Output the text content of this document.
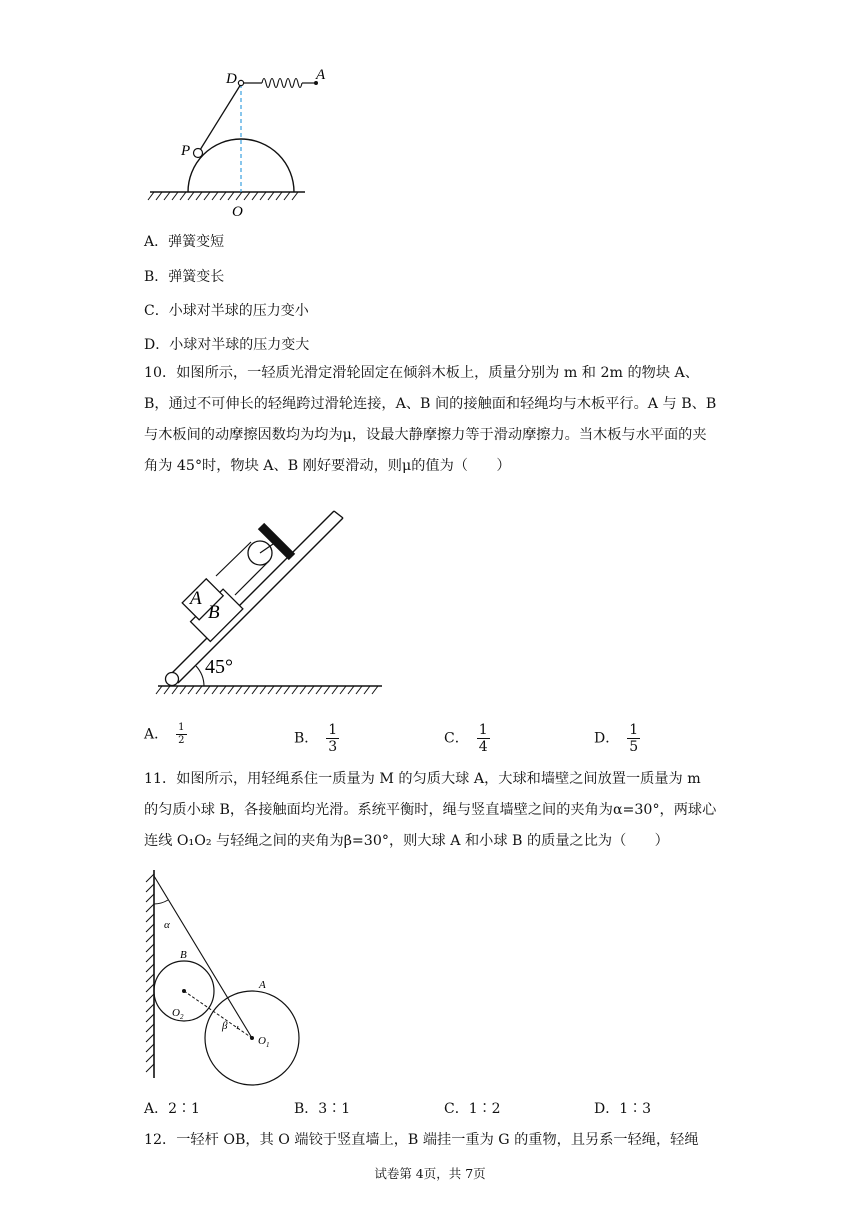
D	A
P
O
A．弹簧变短
B．弹簧变长
C．小球对半球的压力变小
D．小球对半球的压力变大
10．如图所示，一轻质光滑定滑轮固定在倾斜木板上，质量分别为 m 和 2m 的物块 A、B，通过不可伸长的轻绳跨过滑轮连接，A、B 间的接触面和轻绳均与木板平行。A 与 B、B 与木板间的动摩擦因数均为均为μ，设最大静摩擦力等于滑动摩擦力。当木板与水平面的夹角为 45°时，物块 A、B 刚好要滑动，则μ的值为（　　）
45°
A
B
A． $\frac{1}{2}$	B． $\frac{1}{3}$	C． $\frac{1}{4}$	D． $\frac{1}{5}$
11．如图所示，用轻绳系住一质量为 M 的匀质大球 A，大球和墙壁之间放置一质量为 m 的匀质小球 B，各接触面均光滑。系统平衡时，绳与竖直墙壁之间的夹角为α=30°，两球心连线 O₁O₂ 与轻绳之间的夹角为β=30°，则大球 A 和小球 B 的质量之比为（　　）
α
B
A
$O_2$
β
$O_1$
A．2∶1	B．3∶1	C．1∶2	D．1∶3
12．一轻杆 OB，其 O 端铰于竖直墙上，B 端挂一重为 G 的重物，且另系一轻绳，轻绳
试卷第 4页，共 7页
